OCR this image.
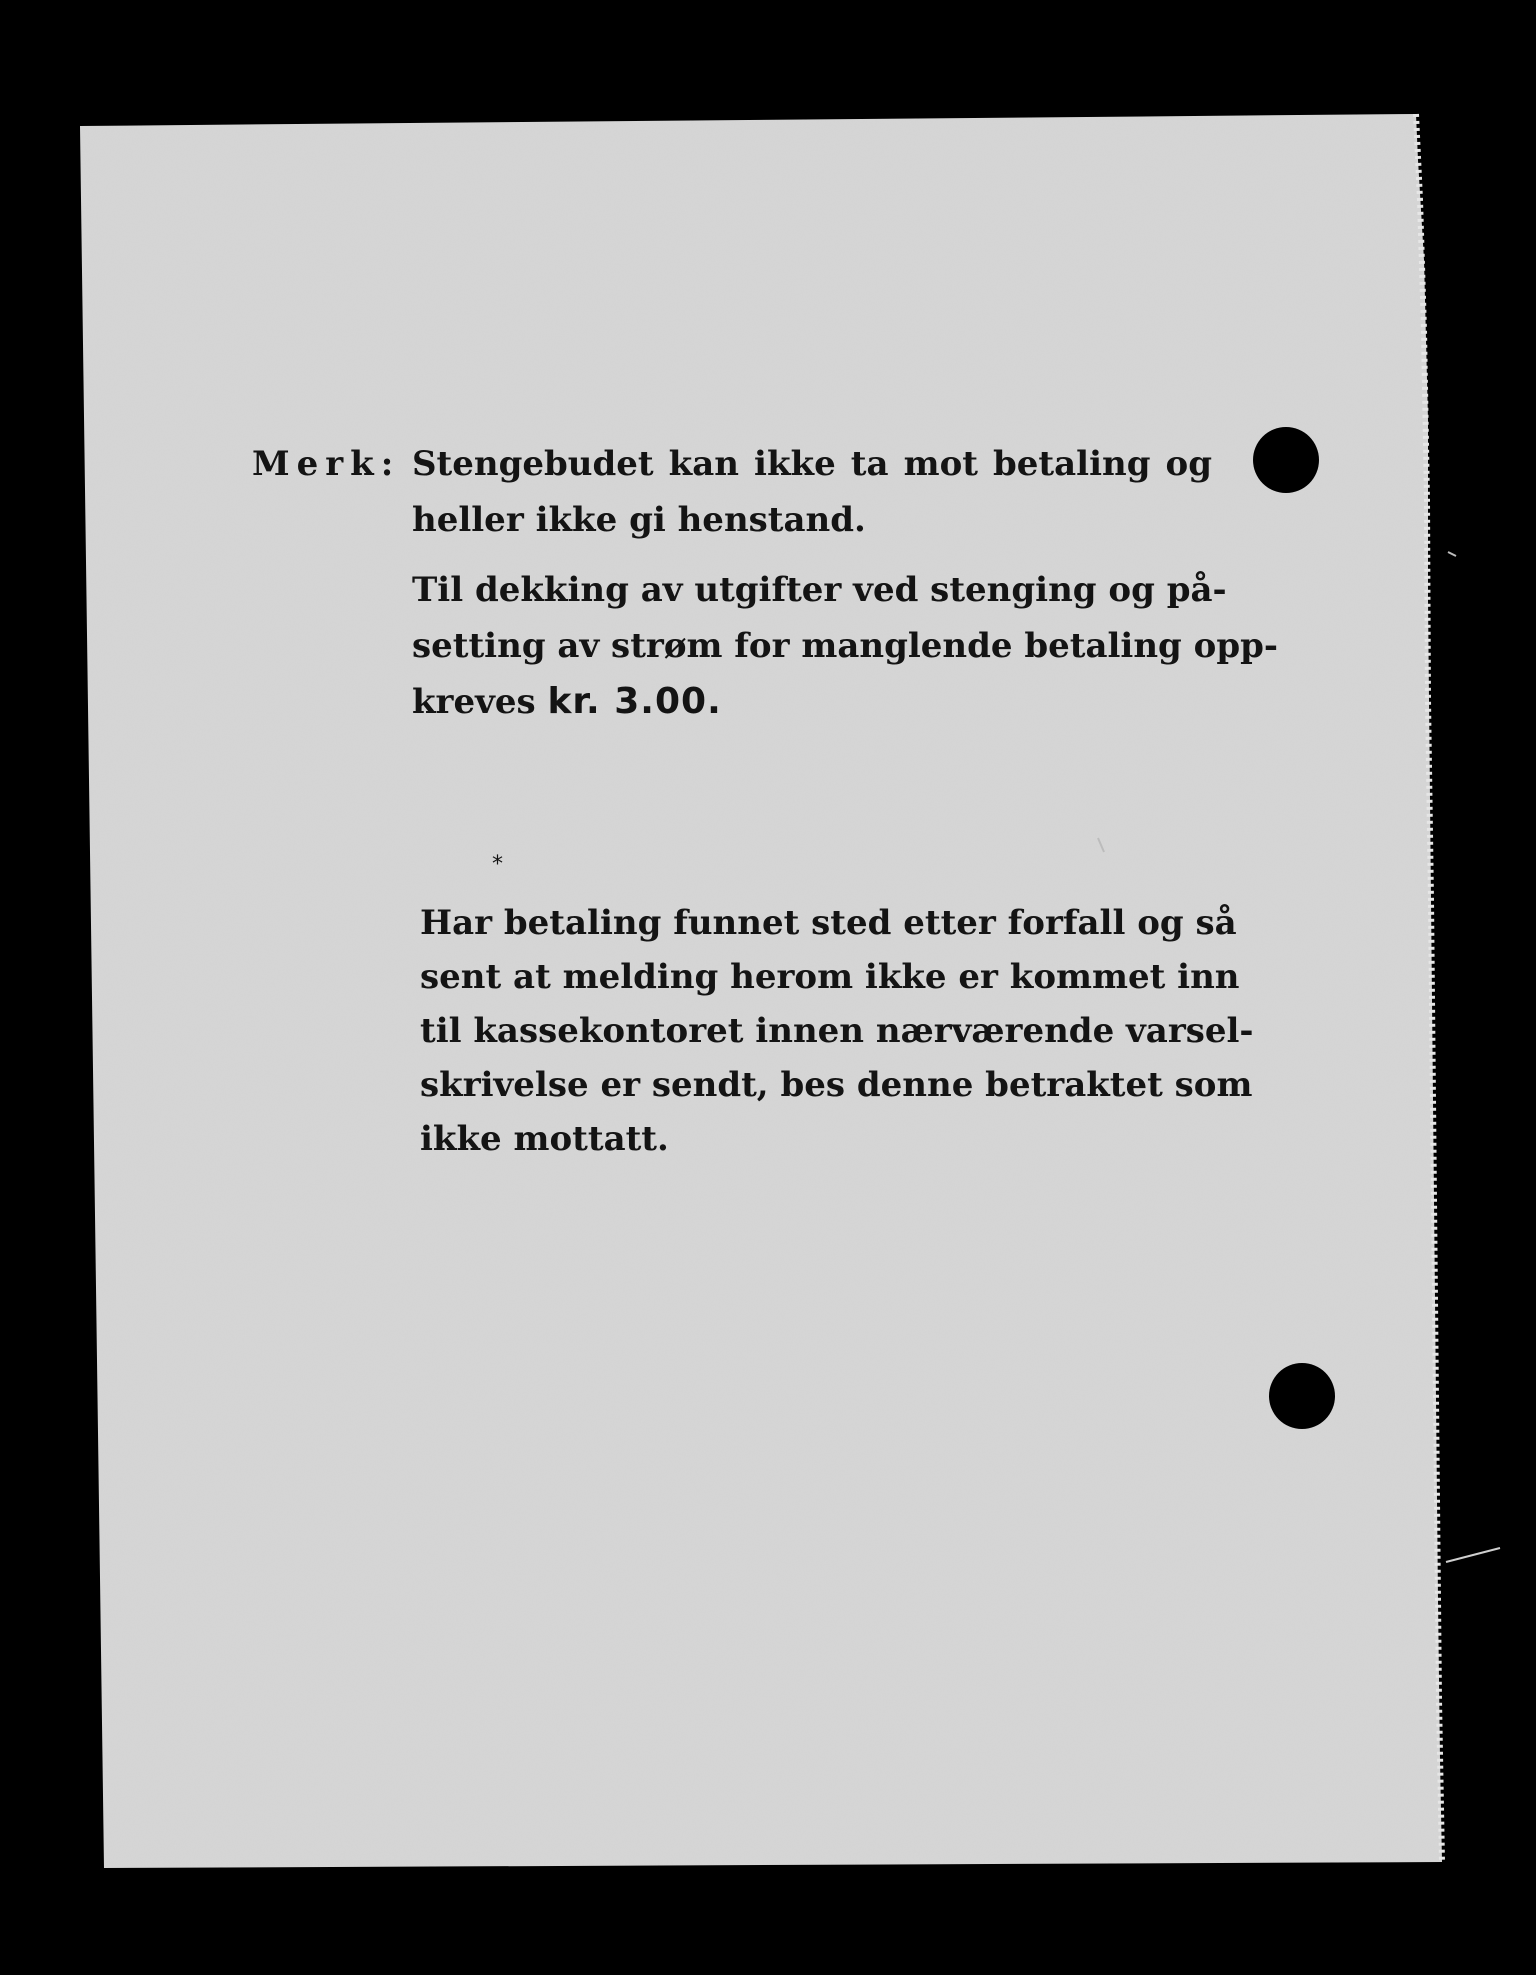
Merk: Stengebudet kan ikke ta mot betaling og
heller ikke gi henstand.
Til dekking av utgifter ved stenging og på-
setting av strøm for manglende betaling opp-
kreves kr. 3.00.
*
Har betaling funnet sted etter forfall og så
sent at melding herom ikke er kommet inn
til kassekontoret innen nærværende varsel-
skrivelse er sendt, bes denne betraktet som
ikke mottatt.
